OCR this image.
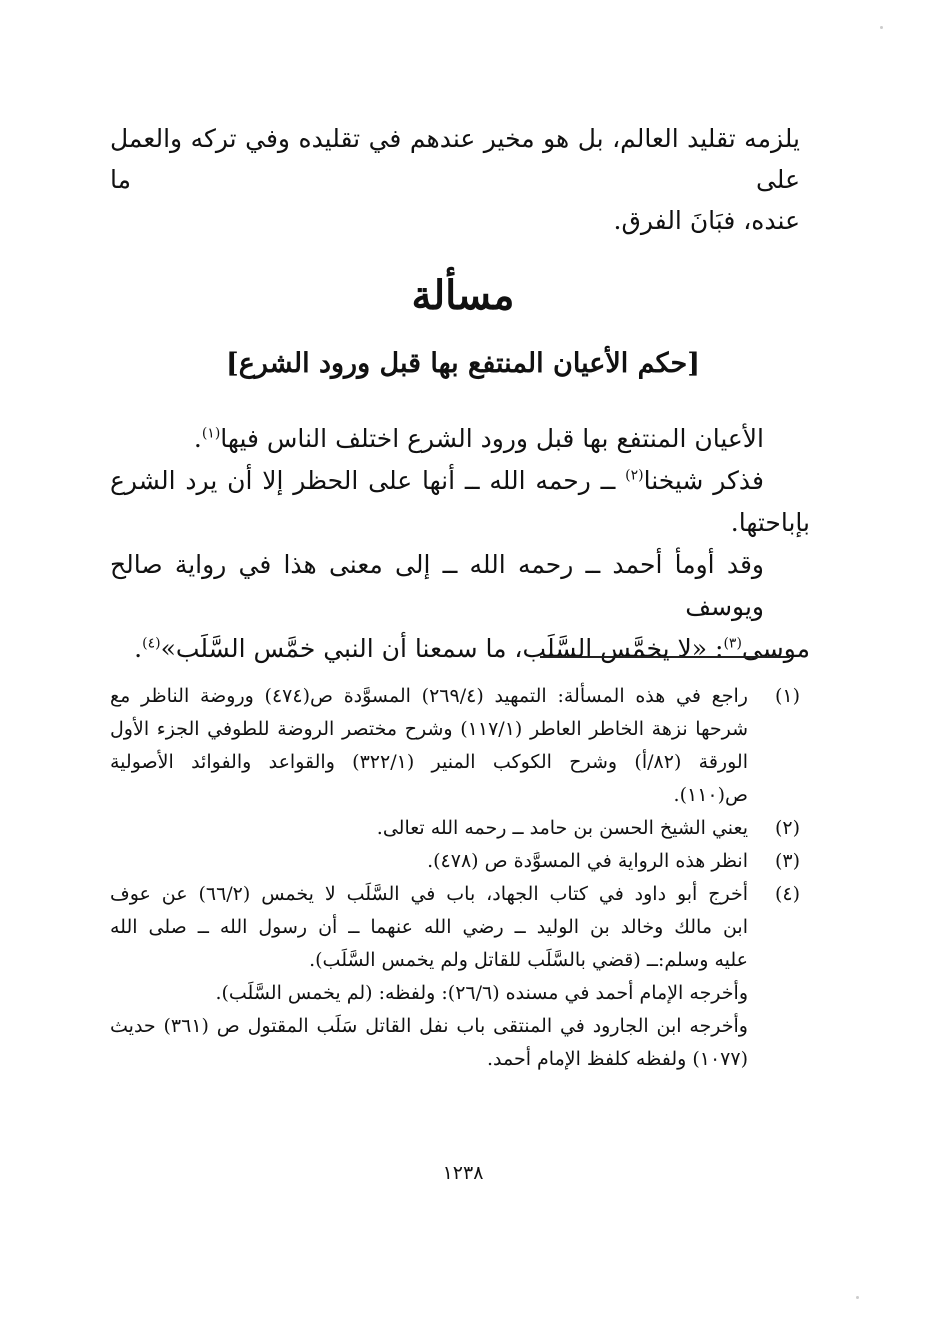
يلزمه تقليد العالم، بل هو مخير عندهم في تقليده وفي تركه والعمل على ما

عنده، فبَانَ الفرق.

مسألة
[حكم الأعيان المنتفع بها قبل ورود الشرع]

الأعيان المنتفع بها قبل ورود الشرع اختلف الناس فيها$^{(١)}$.

فذكر شيخنا$^{(٢)}$ ــ رحمه الله ــ أنها على الحظر إلا أن يرد الشرع

بإباحتها.

وقد أومأ أحمد ــ رحمه الله ــ إلى معنى هذا في رواية صالح ويوسف

موسى$^{(٣)}$: «لا يخمَّس السَّلَب، ما سمعنا أن النبي خمَّس السَّلَب»$^{(٤)}$.

(١)
راجع في هذه المسألة: التمهيد (٢٦٩/٤) المسوَّدة ص(٤٧٤) وروضة الناظر مع
شرحها نزهة الخاطر العاطر (١١٧/١) وشرح مختصر الروضة للطوفي الجزء الأول
الورقة (٨٢/أ) وشرح الكوكب المنير (٣٢٢/١) والقواعد والفوائد الأصولية
ص(١١٠).
(٢)
يعني الشيخ الحسن بن حامد ــ رحمه الله تعالى.
(٣)
انظر هذه الرواية في المسوَّدة ص (٤٧٨).
(٤)
أخرج أبو داود في كتاب الجهاد، باب في السَّلَب لا يخمس (٦٦/٢) عن عوف
ابن مالك وخالد بن الوليد ــ رضي الله عنهما ــ أن رسول الله ــ صلى الله
عليه وسلم:ــ (قضي بالسَّلَب للقاتل ولم يخمس السَّلَب).
وأخرجه الإمام أحمد في مسنده (٢٦/٦): ولفظه: (لم يخمس السَّلَب).
وأخرجه ابن الجارود في المنتقى باب نفل القاتل سَلَب المقتول ص (٣٦١) حديث
(١٠٧٧) ولفظه كلفظ الإمام أحمد.
١٢٣٨
